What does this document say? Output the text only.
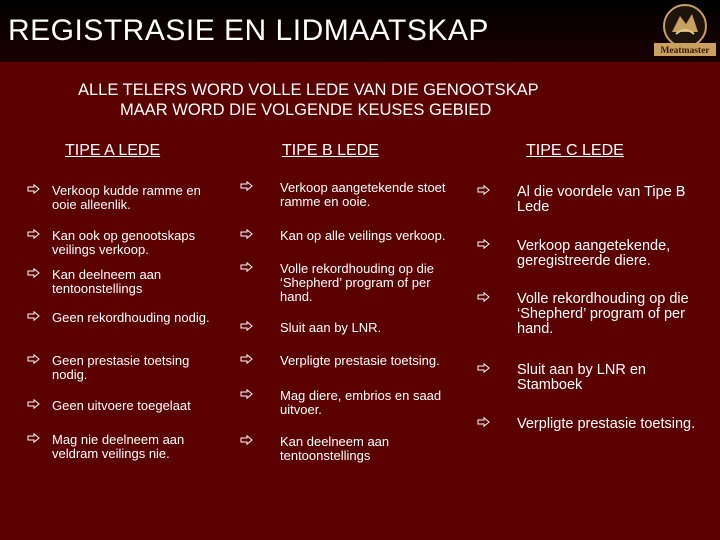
REGISTRASIE EN LIDMAATSKAP
Meatmaster
ALLE TELERS WORD VOLLE LEDE VAN DIE GENOOTSKAP
MAAR WORD DIE VOLGENDE KEUSES GEBIED
TIPE A LEDE	TIPE B LEDE	TIPE C LEDE
Verkoop kudde ramme en ooie alleenlik.
Kan ook op genootskaps veilings verkoop.
Kan deelneem aan tentoonstellings
Geen rekordhouding nodig.
Geen prestasie toetsing nodig.
Geen uitvoere toegelaat
Mag nie deelneem aan veldram veilings nie.
Verkoop aangetekende stoet ramme en ooie.
Kan op alle veilings verkoop.
Volle rekordhouding op die ‘Shepherd’ program of per hand.
Sluit aan by LNR.
Verpligte prestasie toetsing.
Mag diere, embrios en saad uitvoer.
Kan deelneem aan tentoonstellings
Al die voordele van Tipe B Lede
Verkoop aangetekende, geregistreerde diere.
Volle rekordhouding op die ‘Shepherd’ program of per hand.
Sluit aan by LNR en Stamboek
Verpligte prestasie toetsing.
